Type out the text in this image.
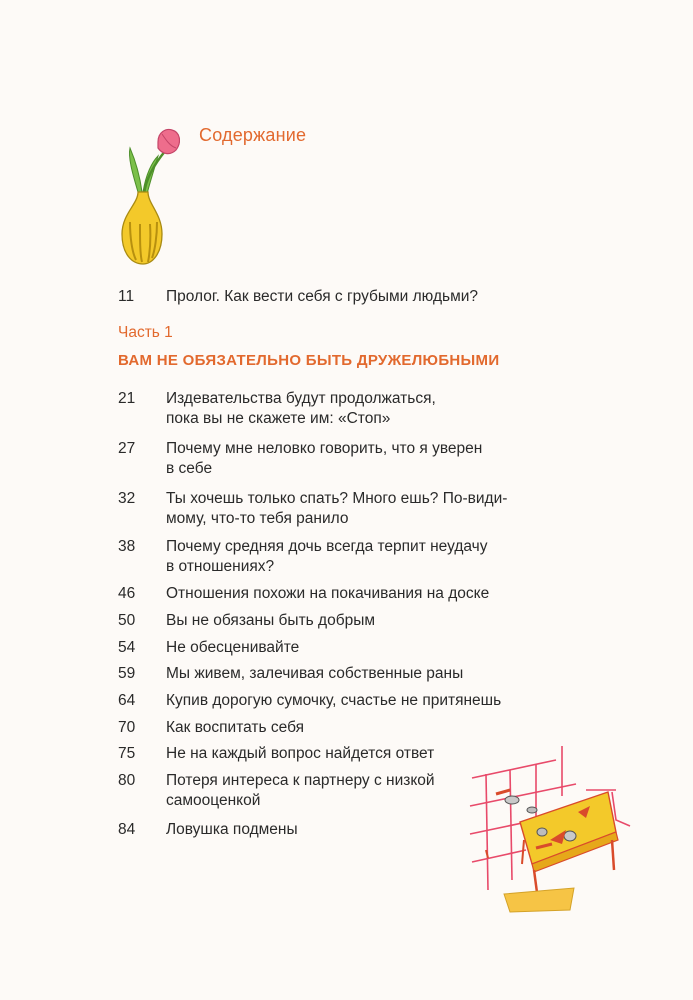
Содержание
11	Пролог. Как вести себя с грубыми людьми?
Часть 1
ВАМ НЕ ОБЯЗАТЕЛЬНО БЫТЬ ДРУЖЕЛЮБНЫМИ
21	Издевательства будут продолжаться,
пока вы не скажете им: «Стоп»
27	Почему мне неловко говорить, что я уверен
в себе
32	Ты хочешь только спать? Много ешь? По-види-
мому, что-то тебя ранило
38	Почему средняя дочь всегда терпит неудачу
в отношениях?
46	Отношения похожи на покачивания на доске
50	Вы не обязаны быть добрым
54	Не обесценивайте
59	Мы живем, залечивая собственные раны
64	Купив дорогую сумочку, счастье не притянешь
70	Как воспитать себя
75	Не на каждый вопрос найдется ответ
80	Потеря интереса к партнеру с низкой
самооценкой
84	Ловушка подмены
